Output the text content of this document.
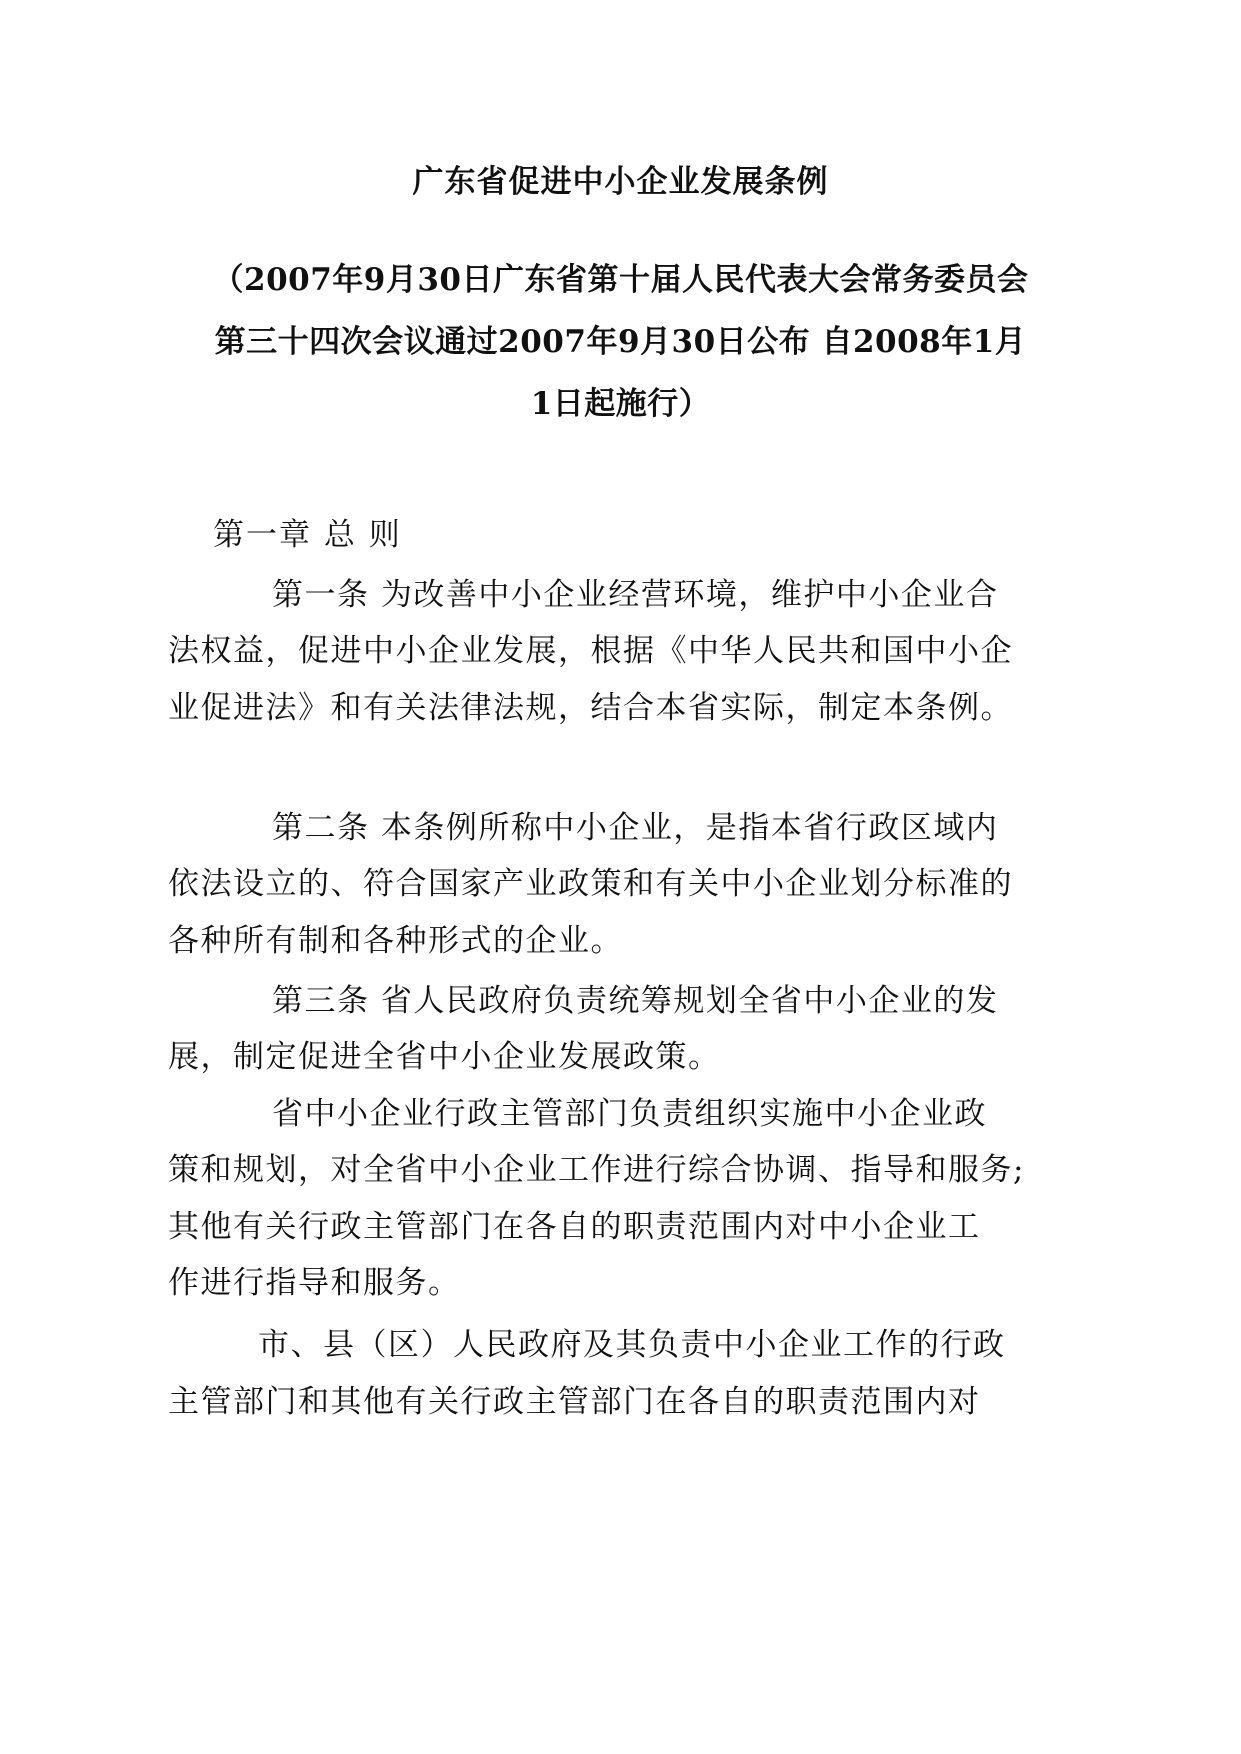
广东省促进中小企业发展条例
（2007年9月30日广东省第十届人民代表大会常务委员会
第三十四次会议通过2007年9月30日公布 自2008年1月
1日起施行）
第一章 总 则
第一条 为改善中小企业经营环境，维护中小企业合
法权益，促进中小企业发展，根据《中华人民共和国中小企
业促进法》和有关法律法规，结合本省实际，制定本条例。
第二条 本条例所称中小企业，是指本省行政区域内
依法设立的、符合国家产业政策和有关中小企业划分标准的
各种所有制和各种形式的企业。
第三条 省人民政府负责统筹规划全省中小企业的发
展，制定促进全省中小企业发展政策。
省中小企业行政主管部门负责组织实施中小企业政
策和规划，对全省中小企业工作进行综合协调、指导和服务;
其他有关行政主管部门在各自的职责范围内对中小企业工
作进行指导和服务。
市、县（区）人民政府及其负责中小企业工作的行政
主管部门和其他有关行政主管部门在各自的职责范围内对
